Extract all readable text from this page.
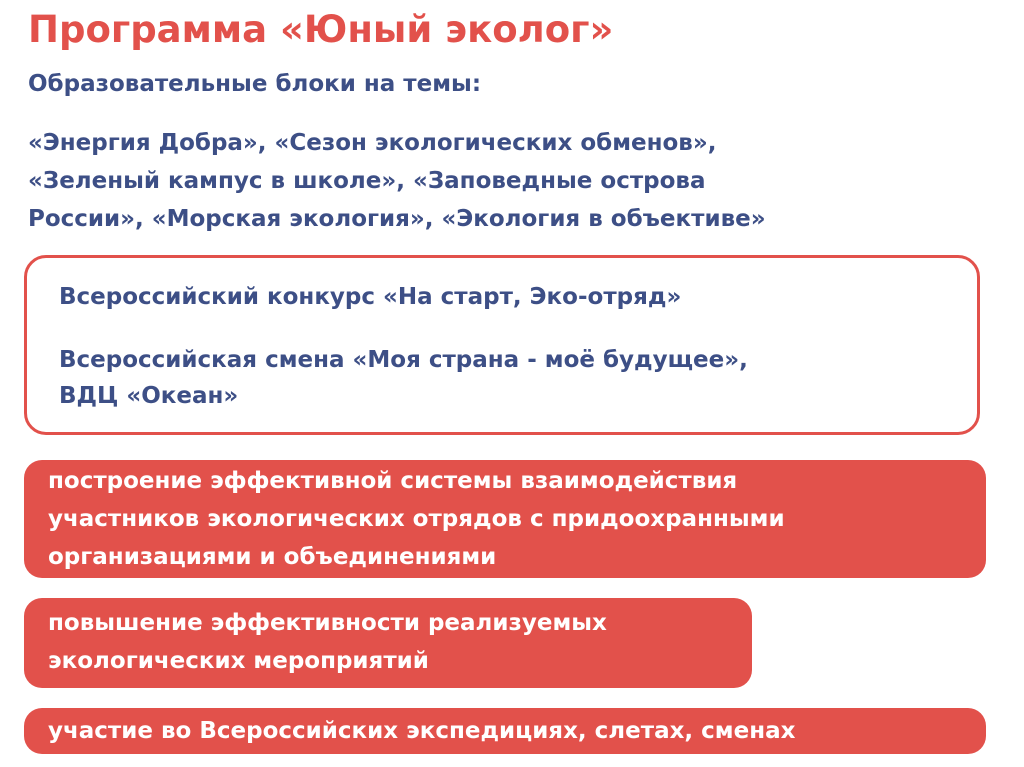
Программа «Юный эколог»

Образовательные блоки на темы:

«Энергия Добра», «Сезон экологических обменов»,
«Зеленый кампус в школе», «Заповедные острова
России», «Морская экология», «Экология в объективе»

Всероссийский конкурс «На старт, Эко-отряд»
Всероссийская смена «Моя страна - моё будущее»,
ВДЦ «Океан»
построение эффективной системы взаимодействия
участников экологических отрядов с придоохранными
организациями и объединениями
повышение эффективности реализуемых
экологических мероприятий
участие во Всероссийских экспедициях, слетах, сменах
